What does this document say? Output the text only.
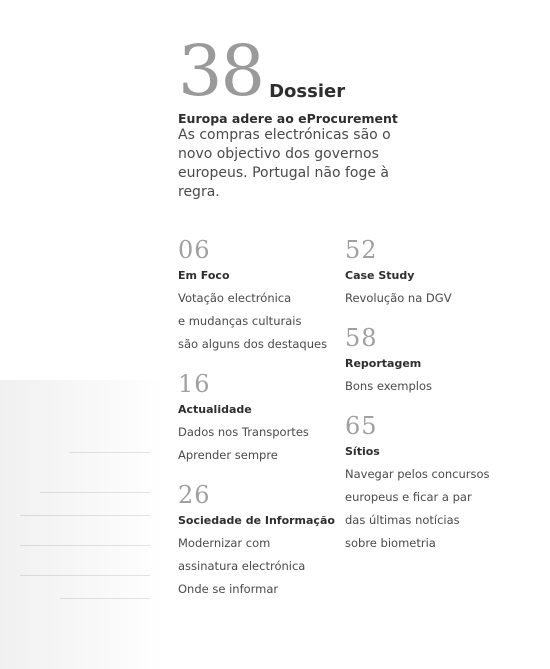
38 Dossier
Europa adere ao eProcurement
As compras electrónicas são o novo objectivo dos governos europeus. Portugal não foge à regra.
06
Em Foco
Votação electrónica
e mudanças culturais
são alguns dos destaques
16
Actualidade
Dados nos Transportes
Aprender sempre
26
Sociedade de Informação
Modernizar com
assinatura electrónica
Onde se informar
52
Case Study
Revolução na DGV
58
Reportagem
Bons exemplos
65
Sítios
Navegar pelos concursos
europeus e ficar a par
das últimas notícias
sobre biometria
